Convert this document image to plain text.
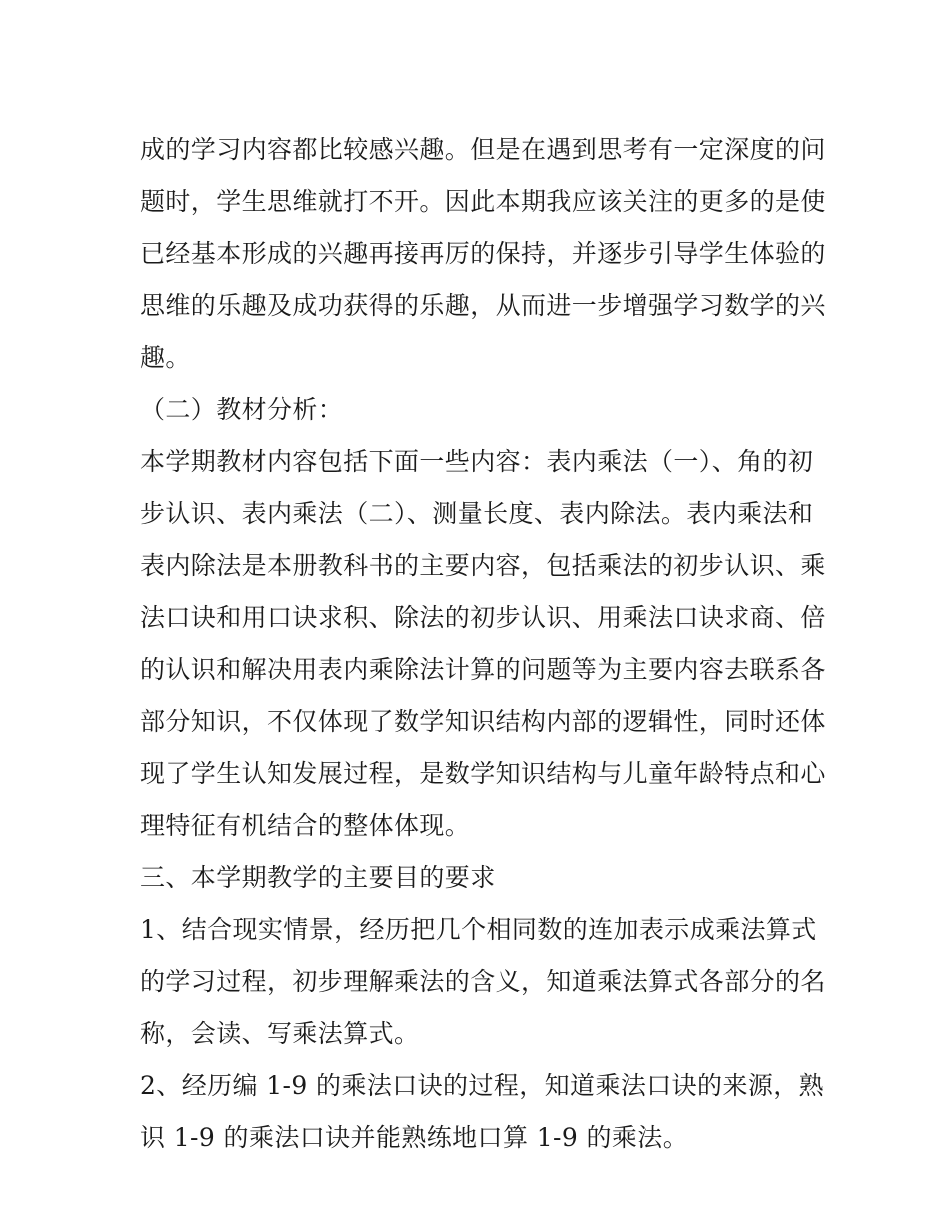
成的学习内容都比较感兴趣。但是在遇到思考有一定深度的问
题时，学生思维就打不开。因此本期我应该关注的更多的是使
已经基本形成的兴趣再接再厉的保持，并逐步引导学生体验的
思维的乐趣及成功获得的乐趣，从而进一步增强学习数学的兴
趣。
（二）教材分析：
本学期教材内容包括下面一些内容：表内乘法（一）、角的初
步认识、表内乘法（二）、测量长度、表内除法。表内乘法和
表内除法是本册教科书的主要内容，包括乘法的初步认识、乘
法口诀和用口诀求积、除法的初步认识、用乘法口诀求商、倍
的认识和解决用表内乘除法计算的问题等为主要内容去联系各
部分知识，不仅体现了数学知识结构内部的逻辑性，同时还体
现了学生认知发展过程，是数学知识结构与儿童年龄特点和心
理特征有机结合的整体体现。
三、本学期教学的主要目的要求
1、结合现实情景，经历把几个相同数的连加表示成乘法算式
的学习过程，初步理解乘法的含义，知道乘法算式各部分的名
称，会读、写乘法算式。
2、经历编 1-9 的乘法口诀的过程，知道乘法口诀的来源，熟
识 1-9 的乘法口诀并能熟练地口算 1-9 的乘法。
